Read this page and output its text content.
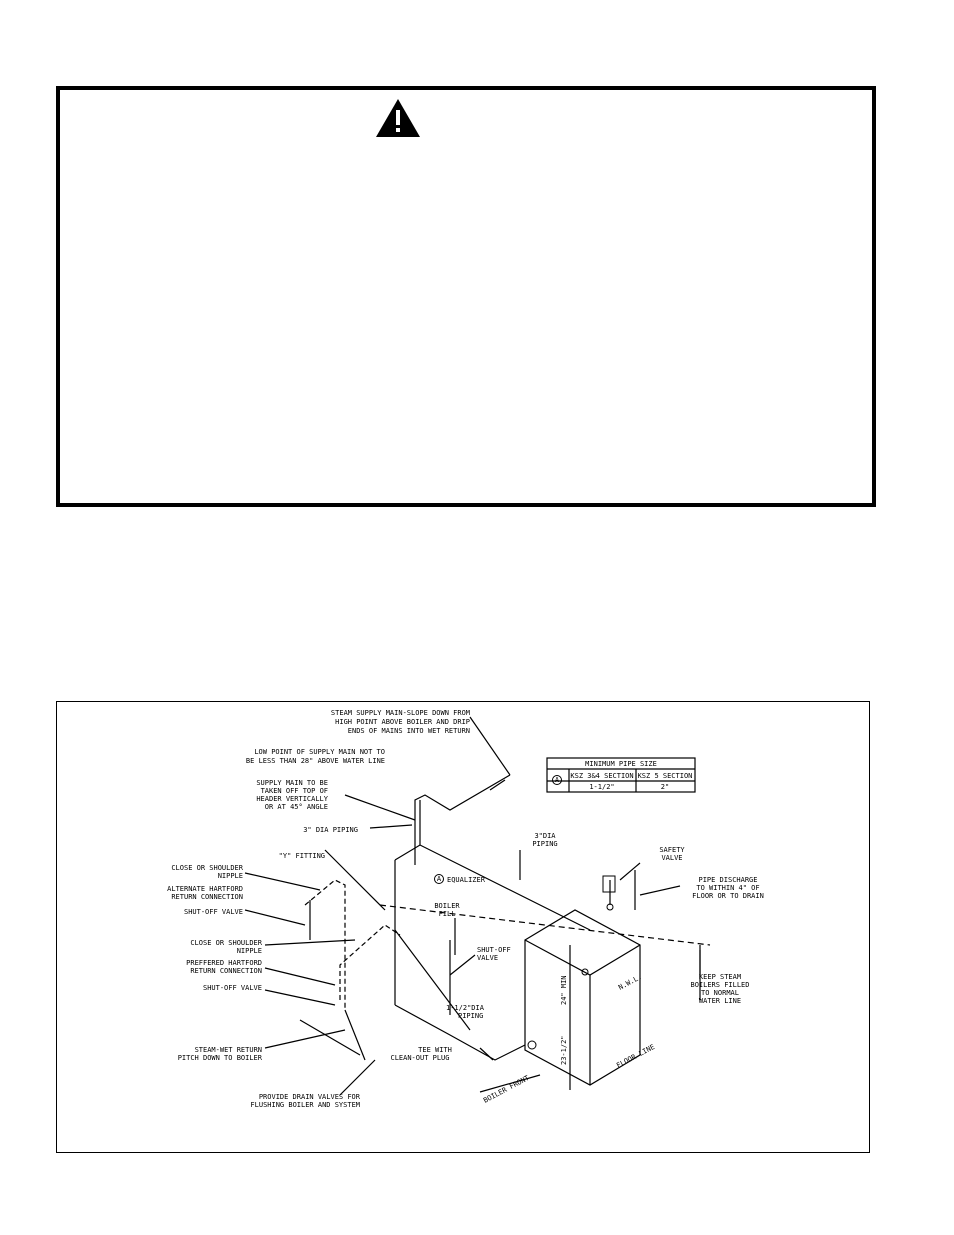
STEAM SUPPLY MAIN-SLOPE DOWN FROM
HIGH POINT ABOVE BOILER AND DRIP
ENDS OF MAINS INTO WET RETURN
LOW POINT OF SUPPLY MAIN NOT TO
BE LESS THAN 28" ABOVE WATER LINE
SUPPLY MAIN TO BE
TAKEN OFF TOP OF
HEADER VERTICALLY
OR AT 45° ANGLE
3" DIA PIPING
"Y" FITTING
CLOSE OR SHOULDER
NIPPLE
ALTERNATE HARTFORD
RETURN CONNECTION
SHUT-OFF VALVE
CLOSE OR SHOULDER
NIPPLE
PREFFERED HARTFORD
RETURN CONNECTION
SHUT-OFF VALVE
STEAM-WET RETURN
PITCH DOWN TO BOILER
PROVIDE DRAIN VALVES FOR
FLUSHING BOILER AND SYSTEM
A EQUALIZER
3"DIA
PIPING
BOILER
FILL
SHUT-OFF
VALVE
1-1/2"DIA
PIPING
TEE WITH
CLEAN-OUT PLUG
BOILER FRONT
SAFETY
VALVE
PIPE DISCHARGE
TO WITHIN 4" OF
FLOOR OR TO DRAIN
KEEP STEAM
BOILERS FILLED
TO NORMAL
WATER LINE
N.W.L.
FLOOR LINE
24" MIN
23-1/2"
MINIMUM PIPE SIZE
A KSZ 3&4 SECTION KSZ 5 SECTION
1-1/2"	2"
